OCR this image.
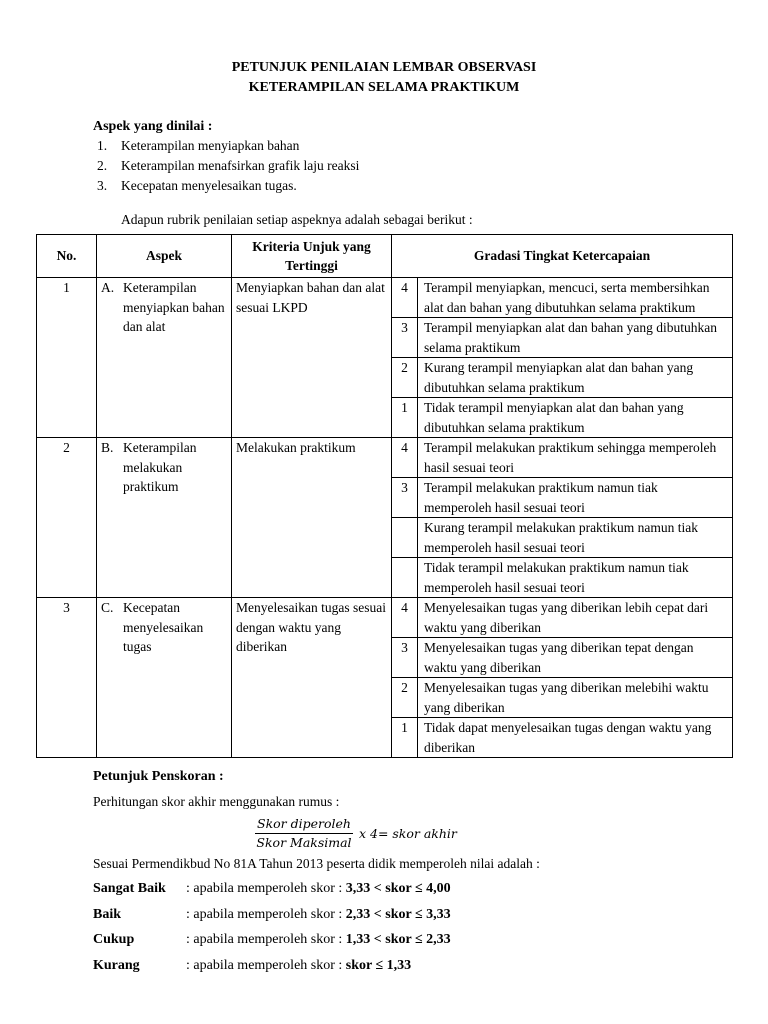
PETUNJUK PENILAIAN LEMBAR OBSERVASI
KETERAMPILAN SELAMA PRAKTIKUM
Aspek yang dinilai :
1. Keterampilan menyiapkan bahan
2. Keterampilan menafsirkan grafik laju reaksi
3. Kecepatan menyelesaikan tugas.
Adapun rubrik penilaian setiap aspeknya adalah sebagai berikut :
No.	Aspek	Kriteria Unjuk yang Tertinggi	Gradasi Tingkat Ketercapaian	
1	A. Keterampilan menyiapkan bahan dan alat	Menyiapkan bahan dan alat sesuai LKPD	4	Terampil menyiapkan, mencuci, serta membersihkan alat dan bahan yang dibutuhkan selama praktikum
			3	Terampil menyiapkan alat dan bahan yang dibutuhkan selama praktikum
			2	Kurang terampil menyiapkan alat dan bahan yang dibutuhkan selama praktikum
			1	Tidak terampil menyiapkan alat dan bahan yang dibutuhkan selama praktikum
2	B. Keterampilan melakukan praktikum	Melakukan praktikum	4	Terampil melakukan praktikum sehingga memperoleh hasil sesuai teori
			3	Terampil melakukan praktikum namun tiak memperoleh hasil sesuai teori
				Kurang terampil melakukan praktikum namun tiak memperoleh hasil sesuai teori
				Tidak terampil melakukan praktikum namun tiak memperoleh hasil sesuai teori
3	C. Kecepatan menyelesaikan tugas	Menyelesaikan tugas sesuai dengan waktu yang diberikan	4	Menyelesaikan tugas yang diberikan lebih cepat dari waktu yang diberikan
			3	Menyelesaikan tugas yang diberikan tepat dengan waktu yang diberikan
			2	Menyelesaikan tugas yang diberikan melebihi waktu yang diberikan
			1	Tidak dapat menyelesaikan tugas dengan waktu yang diberikan
Petunjuk Penskoran :
Perhitungan skor akhir menggunakan rumus :
$\frac{\text{Skor diperoleh}}{\text{Skor Maksimal}}$ x 4= skor akhir
Sesuai Permendikbud No 81A Tahun 2013 peserta didik memperoleh nilai adalah :
Sangat Baik : apabila memperoleh skor : 3,33 < skor ≤ 4,00
Baik	: apabila memperoleh skor : 2,33 < skor ≤ 3,33
Cukup	: apabila memperoleh skor : 1,33 < skor ≤ 2,33
Kurang	: apabila memperoleh skor : skor ≤ 1,33
